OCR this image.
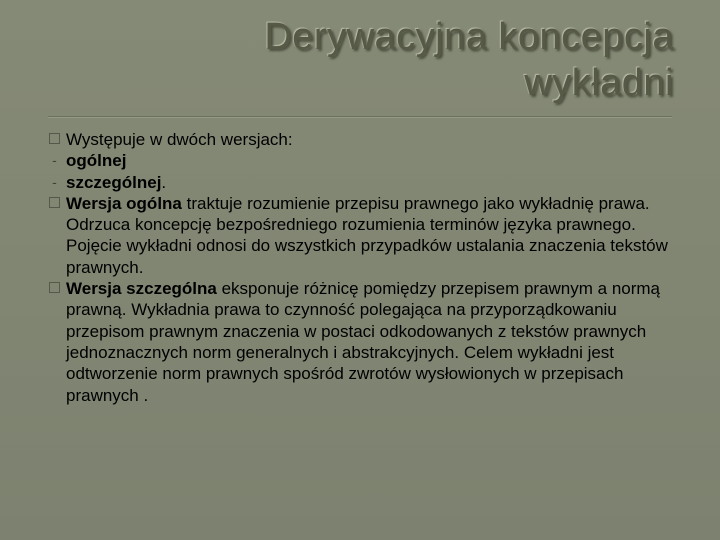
Derywacyjna koncepcja
wykładni
Występuje w dwóch wersjach:
- ogólnej
- szczególnej.
Wersja ogólna traktuje rozumienie przepisu prawnego jako wykładnię prawa. Odrzuca koncepcję bezpośredniego rozumienia terminów języka prawnego. Pojęcie wykładni odnosi do wszystkich przypadków ustalania znaczenia tekstów prawnych.
Wersja szczególna eksponuje różnicę pomiędzy przepisem prawnym a normą prawną. Wykładnia prawa to czynność polegająca na przyporządkowaniu przepisom prawnym znaczenia w postaci odkodowanych z tekstów prawnych jednoznacznych norm generalnych i abstrakcyjnych. Celem wykładni jest odtworzenie norm prawnych spośród zwrotów wysłowionych w przepisach prawnych .
